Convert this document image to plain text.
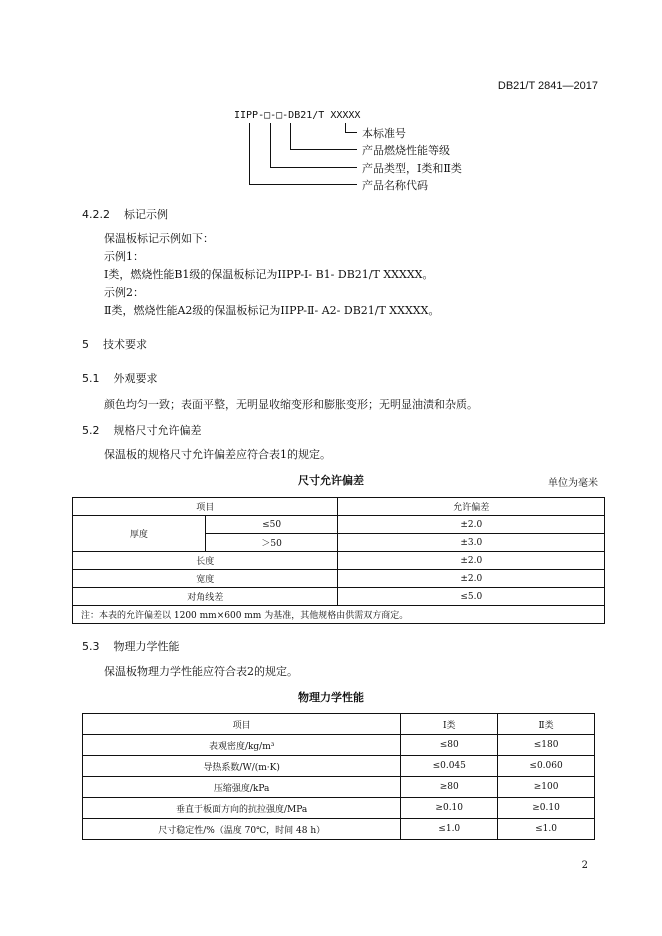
DB21/T 2841—2017
IIPP-□-□-DB21/T XXXXX
本标准号
产品燃烧性能等级
产品类型，Ⅰ类和Ⅱ类
产品名称代码
4.2.2 标记示例
保温板标记示例如下：
示例1：
Ⅰ类，燃烧性能B1级的保温板标记为IIPP-Ⅰ- B1- DB21/T XXXXX。
示例2：
Ⅱ类，燃烧性能A2级的保温板标记为IIPP-Ⅱ- A2- DB21/T XXXXX。
5 技术要求
5.1 外观要求
颜色均匀一致；表面平整，无明显收缩变形和膨胀变形；无明显油渍和杂质。
5.2 规格尺寸允许偏差
保温板的规格尺寸允许偏差应符合表1的规定。
尺寸允许偏差	单位为毫米
项目		允许偏差
厚度	≤50	±2.0
	＞50	±3.0
长度		±2.0
宽度		±2.0
对角线差		≤5.0
注：本表的允许偏差以 1200 mm×600 mm 为基准，其他规格由供需双方商定。		
5.3 物理力学性能
保温板物理力学性能应符合表2的规定。
物理力学性能
项目	Ⅰ类	Ⅱ类
表观密度/kg/m³	≤80	≤180
导热系数/W/(m·K)	≤0.045	≤0.060
压缩强度/kPa	≥80	≥100
垂直于板面方向的抗拉强度/MPa	≥0.10	≥0.10
尺寸稳定性/%（温度 70℃，时间 48 h）	≤1.0	≤1.0
2
